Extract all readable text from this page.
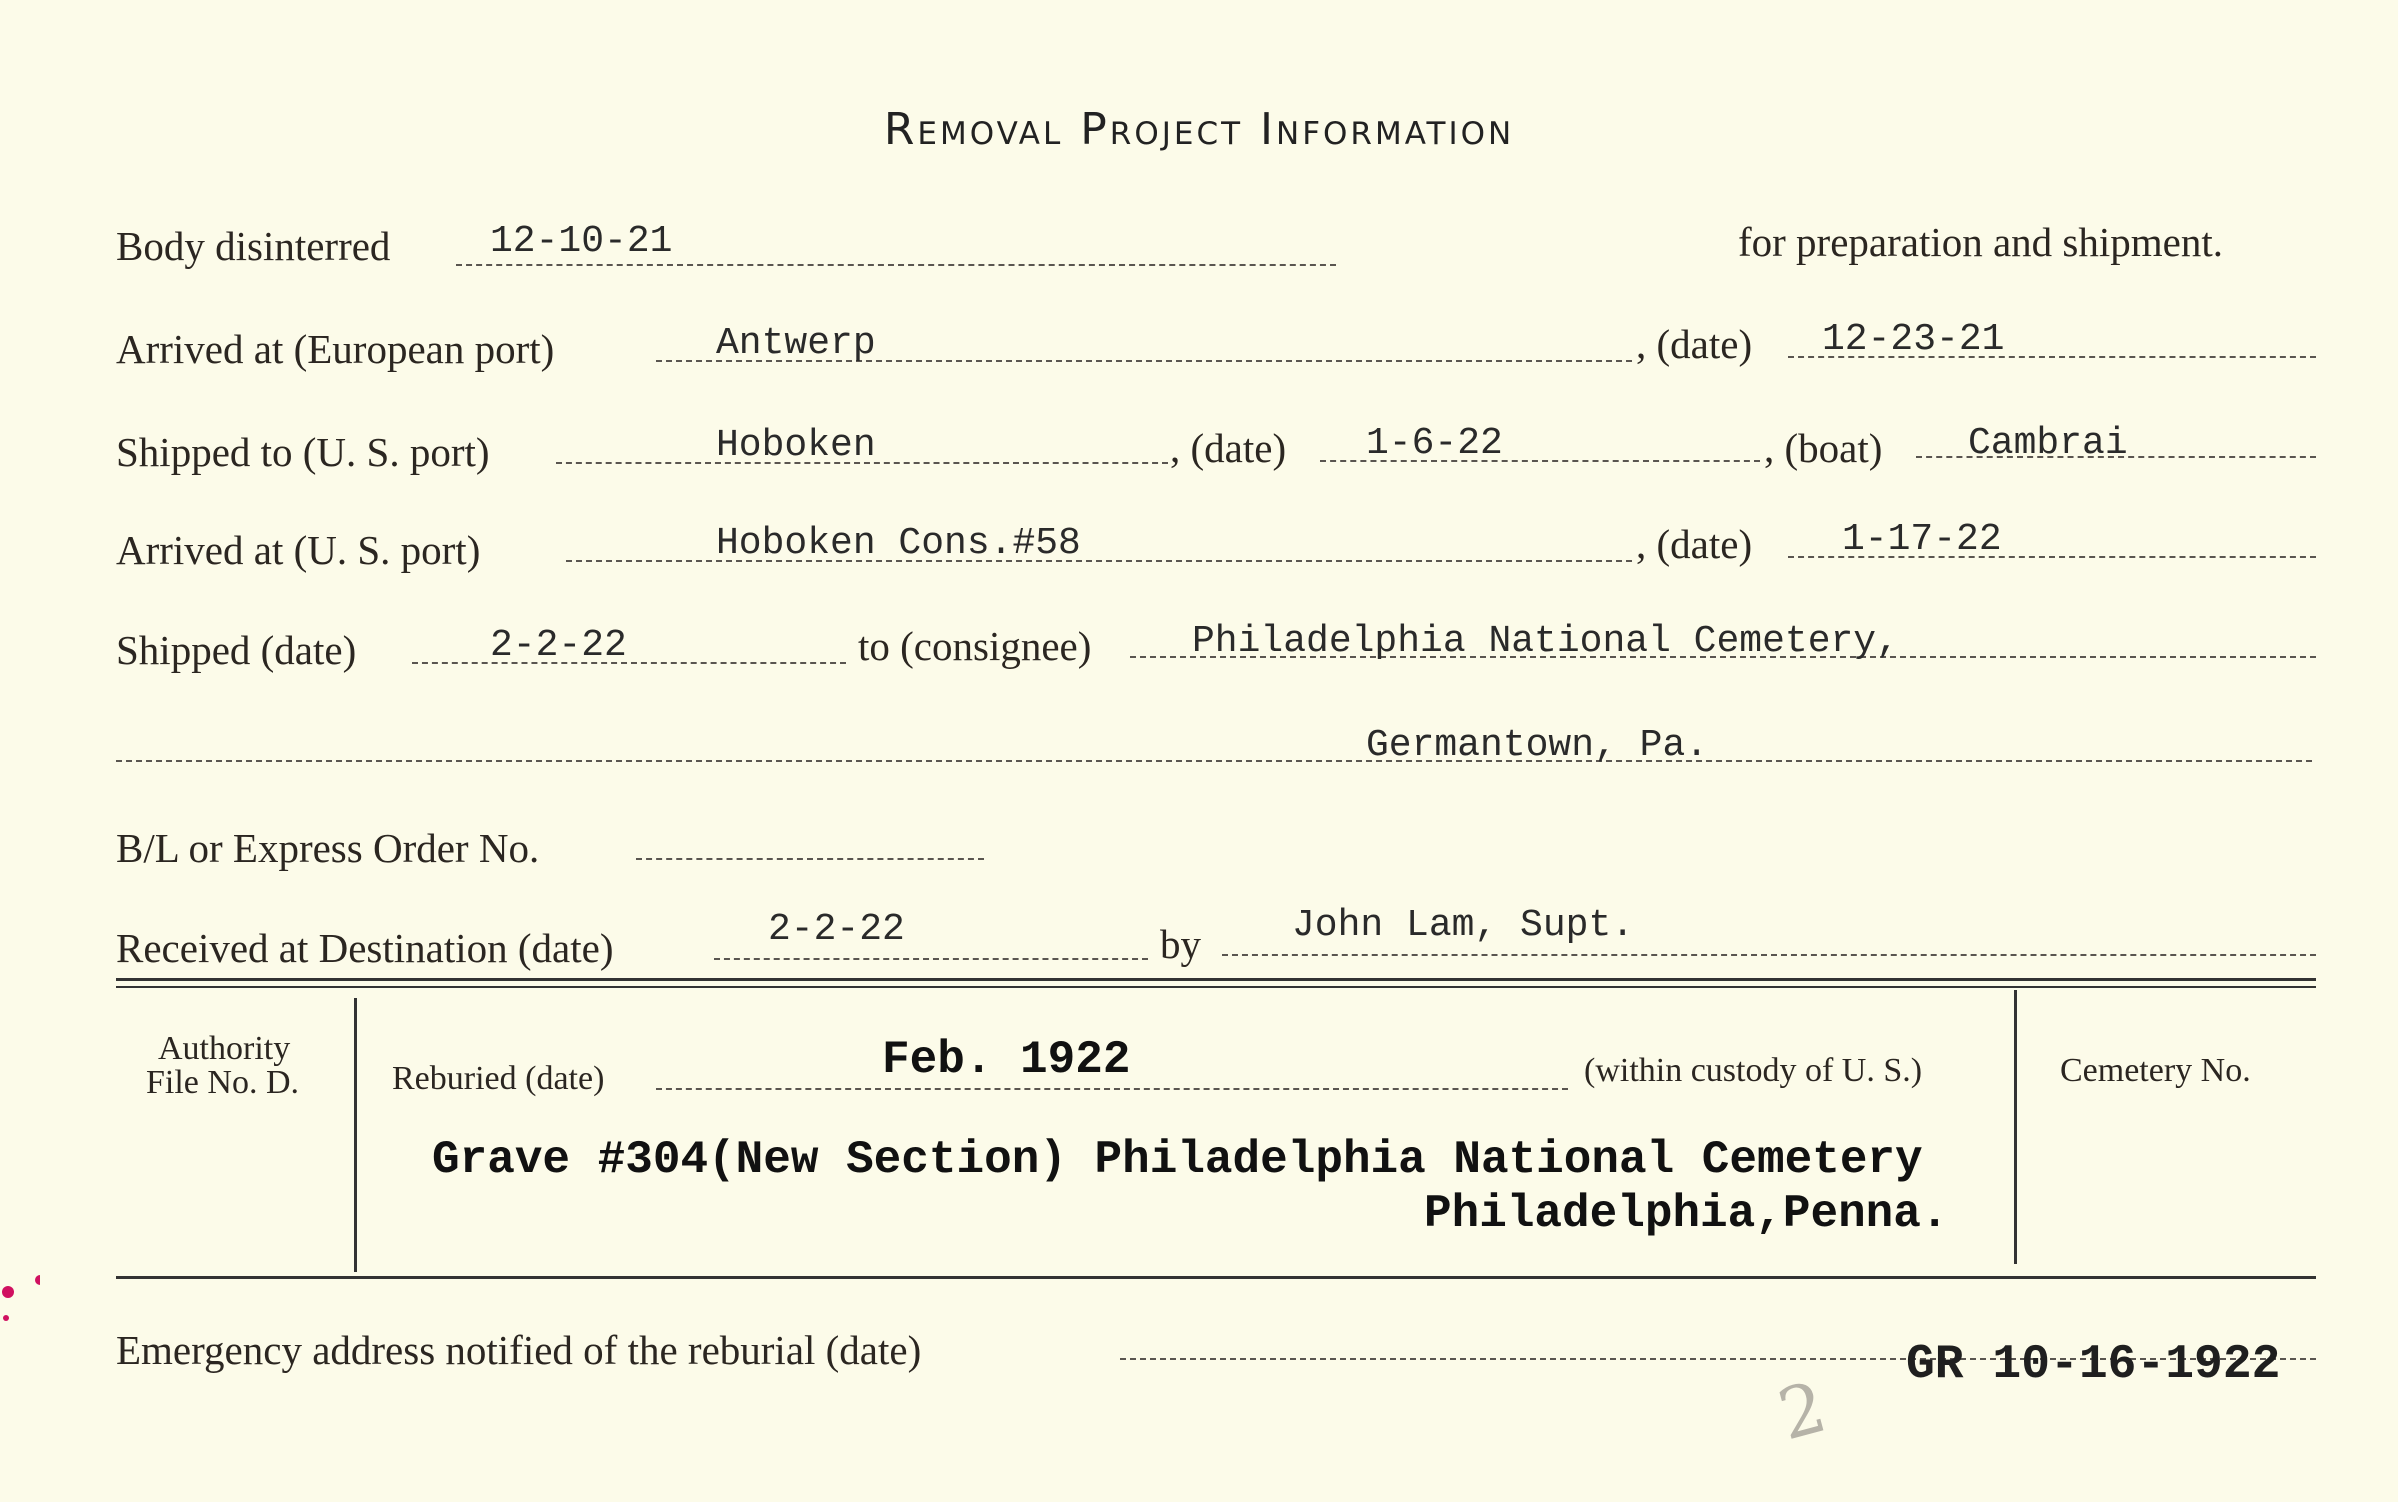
Removal Project Information
Body disinterred	12-10-21	for preparation and shipment.
Arrived at (European port)	Antwerp	, (date) 12-23-21
Shipped to (U. S. port)	Hoboken	, (date) 1-6-22	, (boat) Cambrai
Arrived at (U. S. port)	Hoboken Cons.#58	, (date) 1-17-22
Shipped (date)	2-2-22	to (consignee)	Philadelphia National Cemetery,
Germantown, Pa.
B/L or Express Order No.
Received at Destination (date)	2-2-22	by John Lam, Supt.
Authority
File No. D.	Reburied (date)	Feb. 1922	(within custody of U. S.)	Cemetery No.
Grave #304(New Section) Philadelphia National Cemetery
Philadelphia,Penna.
Emergency address notified of the reburial (date)	GR 10-16-1922
2
